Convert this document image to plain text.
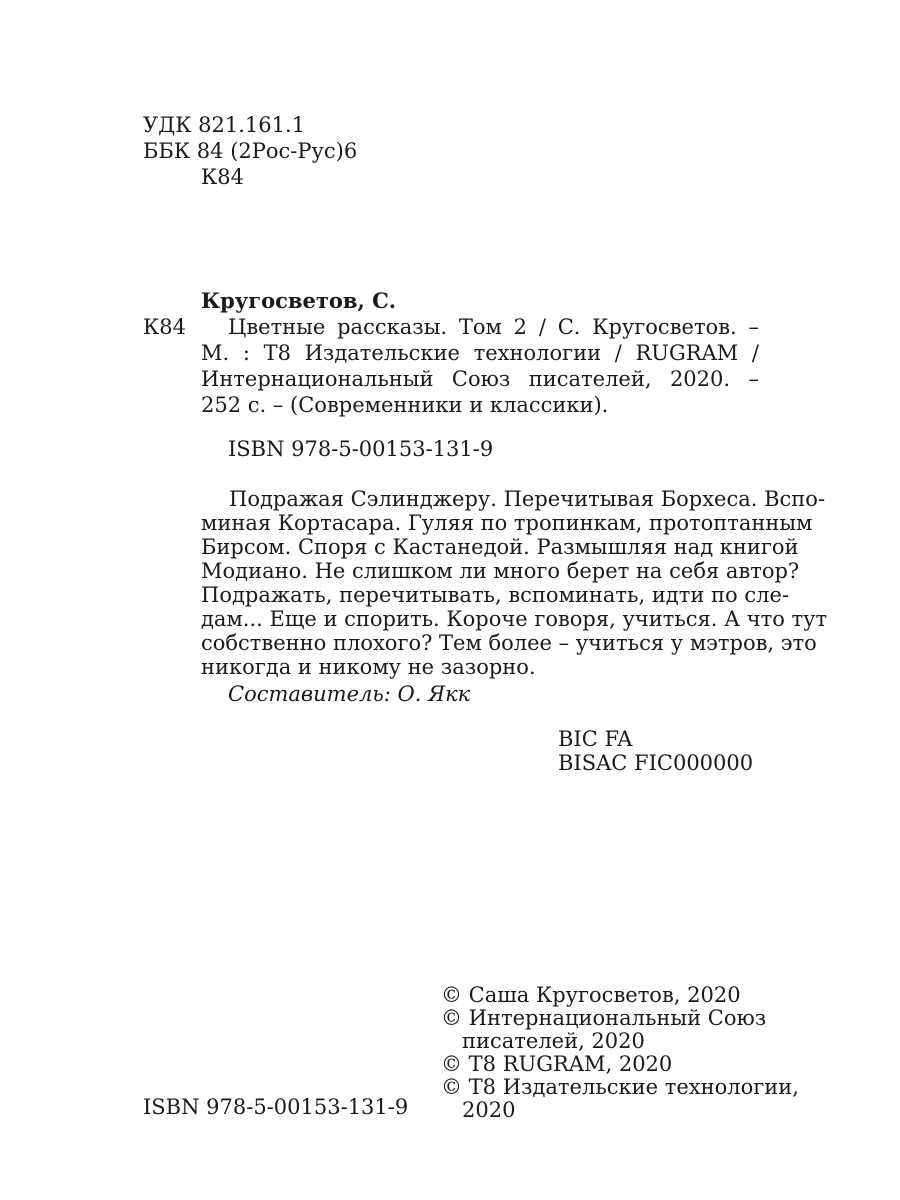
УДК 821.161.1
ББК 84 (2Рос-Рус)6
К84
Кругосветов, С.
К84 Цветные рассказы. Том 2 / С. Кругосветов. –
М. : Т8 Издательские технологии / RUGRAM /
Интернациональный Союз писателей, 2020. –
252 с. – (Современники и классики).
ISBN 978-5-00153-131-9
Подражая Сэлинджеру. Перечитывая Борхеса. Вспо-
миная Кортасара. Гуляя по тропинкам, протоптанным
Бирсом. Споря с Кастанедой. Размышляя над книгой
Модиано. Не слишком ли много берет на себя автор?
Подражать, перечитывать, вспоминать, идти по сле-
дам... Еще и спорить. Короче говоря, учиться. А что тут
собственно плохого? Тем более – учиться у мэтров, это
никогда и никому не зазорно.
Составитель: О. Якк
BIC FA
BISAC FIC000000
© Саша Кругосветов, 2020
© Интернациональный Союз
писателей, 2020
© Т8 RUGRAM, 2020
© Т8 Издательские технологии,
2020
ISBN 978-5-00153-131-9
